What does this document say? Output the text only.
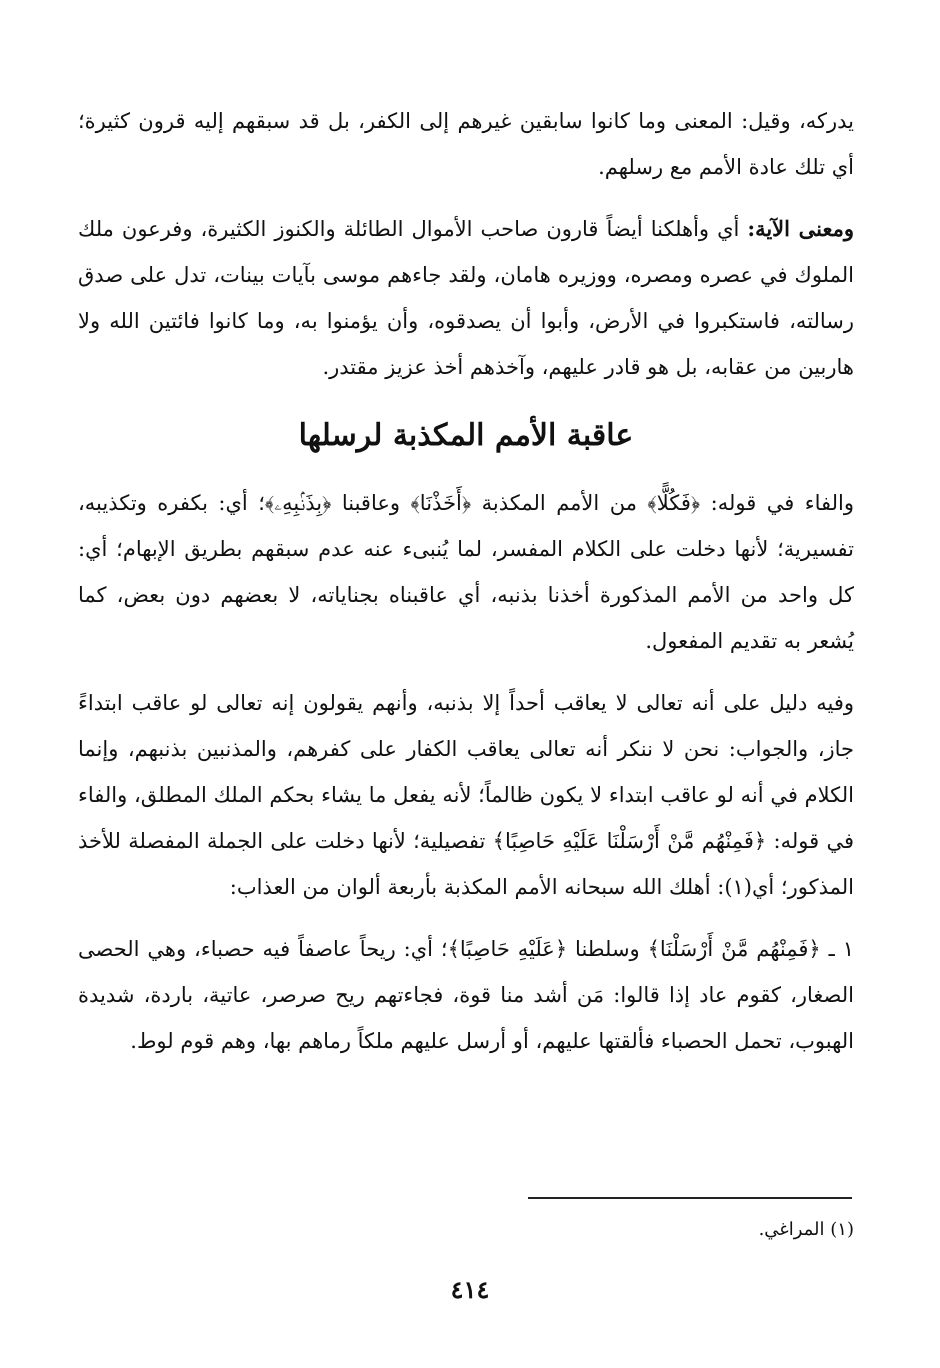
يدركه، وقيل: المعنى وما كانوا سابقين غيرهم إلى الكفر، بل قد سبقهم إليه قرون كثيرة؛ أي تلك عادة الأمم مع رسلهم.

ومعنى الآية: أي وأهلكنا أيضاً قارون صاحب الأموال الطائلة والكنوز الكثيرة، وفرعون ملك الملوك في عصره ومصره، ووزيره هامان، ولقد جاءهم موسى بآيات بينات، تدل على صدق رسالته، فاستكبروا في الأرض، وأبوا أن يصدقوه، وأن يؤمنوا به، وما كانوا فائتين الله ولا هاربين من عقابه، بل هو قادر عليهم، وآخذهم أخذ عزيز مقتدر.

عاقبة الأمم المكذبة لرسلها

والفاء في قوله: ﴿فَكُلًّا﴾ من الأمم المكذبة ﴿أَخَذْنَا﴾ وعاقبنا ﴿بِذَنۢبِهِۦ﴾؛ أي: بكفره وتكذيبه، تفسيرية؛ لأنها دخلت على الكلام المفسر، لما يُنبىء عنه عدم سبقهم بطريق الإبهام؛ أي: كل واحد من الأمم المذكورة أخذنا بذنبه، أي عاقبناه بجناياته، لا بعضهم دون بعض، كما يُشعر به تقديم المفعول.

وفيه دليل على أنه تعالى لا يعاقب أحداً إلا بذنبه، وأنهم يقولون إنه تعالى لو عاقب ابتداءً جاز، والجواب: نحن لا ننكر أنه تعالى يعاقب الكفار على كفرهم، والمذنبين بذنبهم، وإنما الكلام في أنه لو عاقب ابتداء لا يكون ظالماً؛ لأنه يفعل ما يشاء بحكم الملك المطلق، والفاء في قوله: ﴿فَمِنْهُم مَّنْ أَرْسَلْنَا عَلَيْهِ حَاصِبًا﴾ تفصيلية؛ لأنها دخلت على الجملة المفصلة للأخذ المذكور؛ أي(١): أهلك الله سبحانه الأمم المكذبة بأربعة ألوان من العذاب:

١ ـ ﴿فَمِنْهُم مَّنْ أَرْسَلْنَا﴾ وسلطنا ﴿عَلَيْهِ حَاصِبًا﴾؛ أي: ريحاً عاصفاً فيه حصباء، وهي الحصى الصغار، كقوم عاد إذا قالوا: مَن أشد منا قوة، فجاءتهم ريح صرصر، عاتية، باردة، شديدة الهبوب، تحمل الحصباء فألقتها عليهم، أو أرسل عليهم ملكاً رماهم بها، وهم قوم لوط.

(١) المراغي.
٤١٤
